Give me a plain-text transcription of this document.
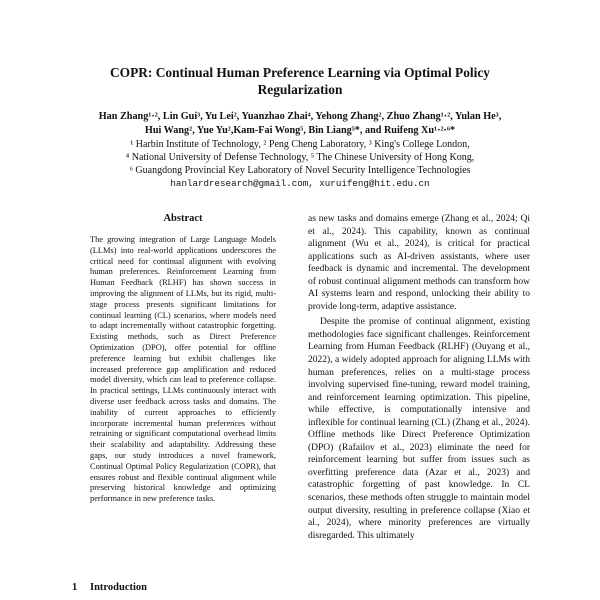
COPR: Continual Human Preference Learning via Optimal Policy
Regularization
Han Zhang¹·², Lin Gui³, Yu Lei², Yuanzhao Zhai⁴, Yehong Zhang², Zhuo Zhang¹·², Yulan He³,
Hui Wang², Yue Yu²,Kam-Fai Wong⁵, Bin Liang⁵*, and Ruifeng Xu¹·²·⁶*
¹ Harbin Institute of Technology, ² Peng Cheng Laboratory, ³ King's College London,
⁴ National University of Defense Technology, ⁵ The Chinese University of Hong Kong,
⁶ Guangdong Provincial Key Laboratory of Novel Security Intelligence Technologies
hanlardresearch@gmail.com, xuruifeng@hit.edu.cn
Abstract
The growing integration of Large Language Models (LLMs) into real-world applications underscores the critical need for continual alignment with evolving human preferences. Reinforcement Learning from Human Feedback (RLHF) has shown success in improving the alignment of LLMs, but its rigid, multi-stage process presents significant limitations for continual learning (CL) scenarios, where models need to adapt incrementally without catastrophic forgetting. Existing methods, such as Direct Preference Optimization (DPO), offer potential for offline preference learning but exhibit challenges like increased preference gap amplification and reduced model diversity, which can lead to preference collapse. In practical settings, LLMs continuously interact with diverse user feedback across tasks and domains. The inability of current approaches to efficiently incorporate incremental human preferences without retraining or significant computational overhead limits their scalability and adaptability. Addressing these gaps, our study introduces a novel framework, Continual Optimal Policy Regularization (COPR), that ensures robust and flexible continual alignment while preserving historical knowledge and optimizing performance in new preference tasks.
1 Introduction

as new tasks and domains emerge (Zhang et al., 2024; Qi et al., 2024). This capability, known as continual alignment (Wu et al., 2024), is critical for practical applications such as AI-driven assistants, where user feedback is dynamic and incremental. The development of robust continual alignment methods can transform how AI systems learn and respond, unlocking their ability to provide long-term, adaptive assistance.

Despite the promise of continual alignment, existing methodologies face significant challenges. Reinforcement Learning from Human Feedback (RLHF) (Ouyang et al., 2022), a widely adopted approach for aligning LLMs with human preferences, relies on a multi-stage process involving supervised fine-tuning, reward model training, and reinforcement learning optimization. This pipeline, while effective, is computationally intensive and inflexible for continual learning (CL) (Zhang et al., 2024). Offline methods like Direct Preference Optimization (DPO) (Rafailov et al., 2023) eliminate the need for reinforcement learning but suffer from issues such as overfitting preference data (Azar et al., 2023) and catastrophic forgetting of past knowledge. In CL scenarios, these methods often struggle to maintain model output diversity, resulting in preference collapse (Xiao et al., 2024), where minority preferences are virtually disregarded. This ultimately
